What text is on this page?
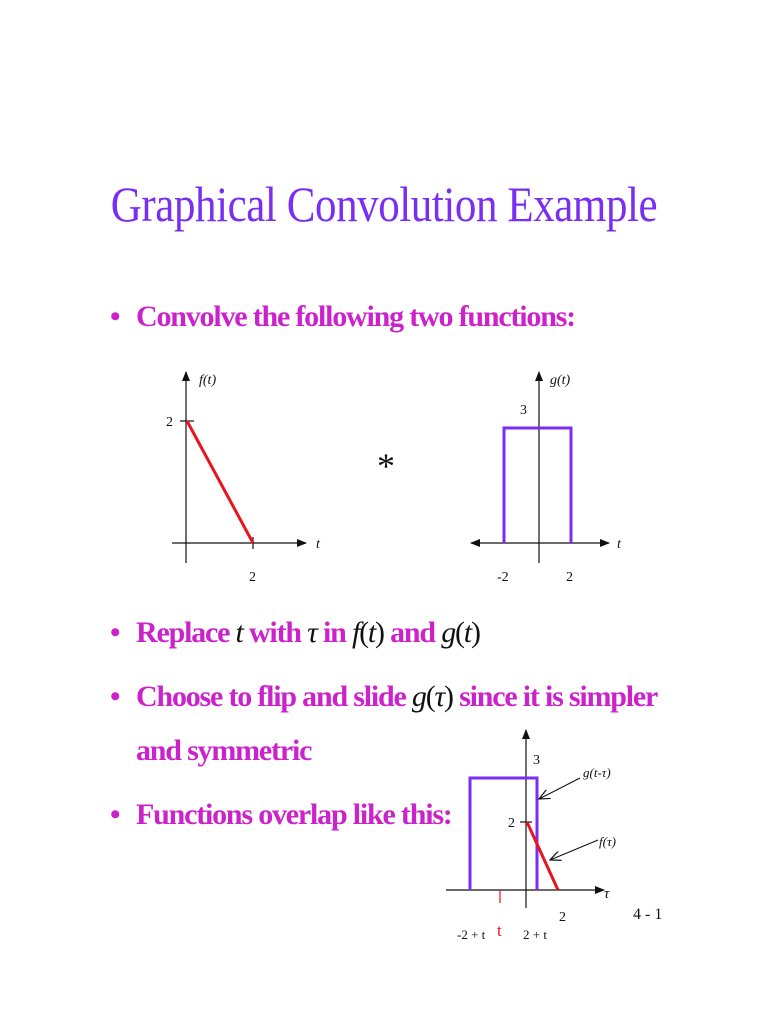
Graphical Convolution Example
• Convolve the following two functions:
• Replace t with τ in f(t) and g(t)
• Choose to flip and slide g(τ) since it is simpler
and symmetric
• Functions overlap like this:
f(t)
t
2
2
*
g(t)
3
t
-2	2
3
2
τ
g(t-τ)
f(τ)
-2 + t t 2 + t
2	4 - 1
